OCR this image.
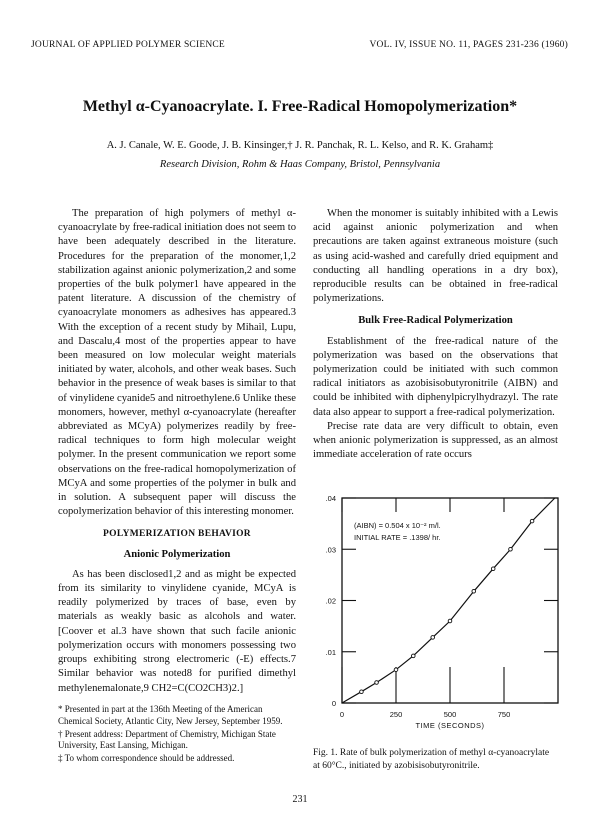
JOURNAL OF APPLIED POLYMER SCIENCE	VOL. IV, ISSUE NO. 11, PAGES 231-236 (1960)
Methyl α-Cyanoacrylate. I. Free-Radical Homopolymerization*
A. J. Canale, W. E. Goode, J. B. Kinsinger,† J. R. Panchak, R. L. Kelso, and R. K. Graham‡
Research Division, Rohm & Haas Company, Bristol, Pennsylvania

The preparation of high polymers of methyl α-cyanoacrylate by free-radical initiation does not seem to have been adequately described in the literature. Procedures for the preparation of the monomer,1,2 stabilization against anionic polymerization,2 and some properties of the bulk polymer1 have appeared in the patent literature. A discussion of the chemistry of cyanoacrylate monomers as adhesives has appeared.3 With the exception of a recent study by Mihail, Lupu, and Dascalu,4 most of the properties appear to have been measured on low molecular weight materials initiated by water, alcohols, and other weak bases. Such behavior in the presence of weak bases is similar to that of vinylidene cyanide5 and nitroethylene.6 Unlike these monomers, however, methyl α-cyanoacrylate (hereafter abbreviated as MCyA) polymerizes readily by free-radical techniques to form high molecular weight polymer. In the present communication we report some observations on the free-radical homopolymerization of MCyA and some properties of the polymer in bulk and in solution. A subsequent paper will discuss the copolymerization behavior of this interesting monomer.

POLYMERIZATION BEHAVIOR
Anionic Polymerization

As has been disclosed1,2 and as might be expected from its similarity to vinylidene cyanide, MCyA is readily polymerized by traces of base, even by materials as weakly basic as alcohols and water. [Coover et al.3 have shown that such facile anionic polymerization occurs with monomers possessing two groups exhibiting strong electromeric (-E) effects.7 Similar behavior was noted8 for purified dimethyl methylenemalonate,9 CH2=C(CO2CH3)2.]

* Presented in part at the 136th Meeting of the American Chemical Society, Atlantic City, New Jersey, September 1959.

† Present address: Department of Chemistry, Michigan State University, East Lansing, Michigan.

‡ To whom correspondence should be addressed.

When the monomer is suitably inhibited with a Lewis acid against anionic polymerization and when precautions are taken against extraneous moisture (such as using acid-washed and carefully dried equipment and conducting all handling operations in a dry box), reproducible results can be obtained in free-radical polymerizations.

Bulk Free-Radical Polymerization

Establishment of the free-radical nature of the polymerization was based on the observations that polymerization could be initiated with such common radical initiators as azobisisobutyronitrile (AIBN) and could be inhibited with diphenylpicrylhydrazyl. The rate data also appear to support a free-radical polymerization.

Precise rate data are very difficult to obtain, even when anionic polymerization is suppressed, as an almost immediate acceleration of rate occurs

0	250	500	750
0
.01
.02
.03
.04
TIME (SECONDS)
(AIBN) = 0.504 x 10⁻² m/l.
INITIAL RATE = .1398/ hr.
Fig. 1. Rate of bulk polymerization of methyl α-cyanoacrylate at 60°C., initiated by azobisisobutyronitrile.
231
